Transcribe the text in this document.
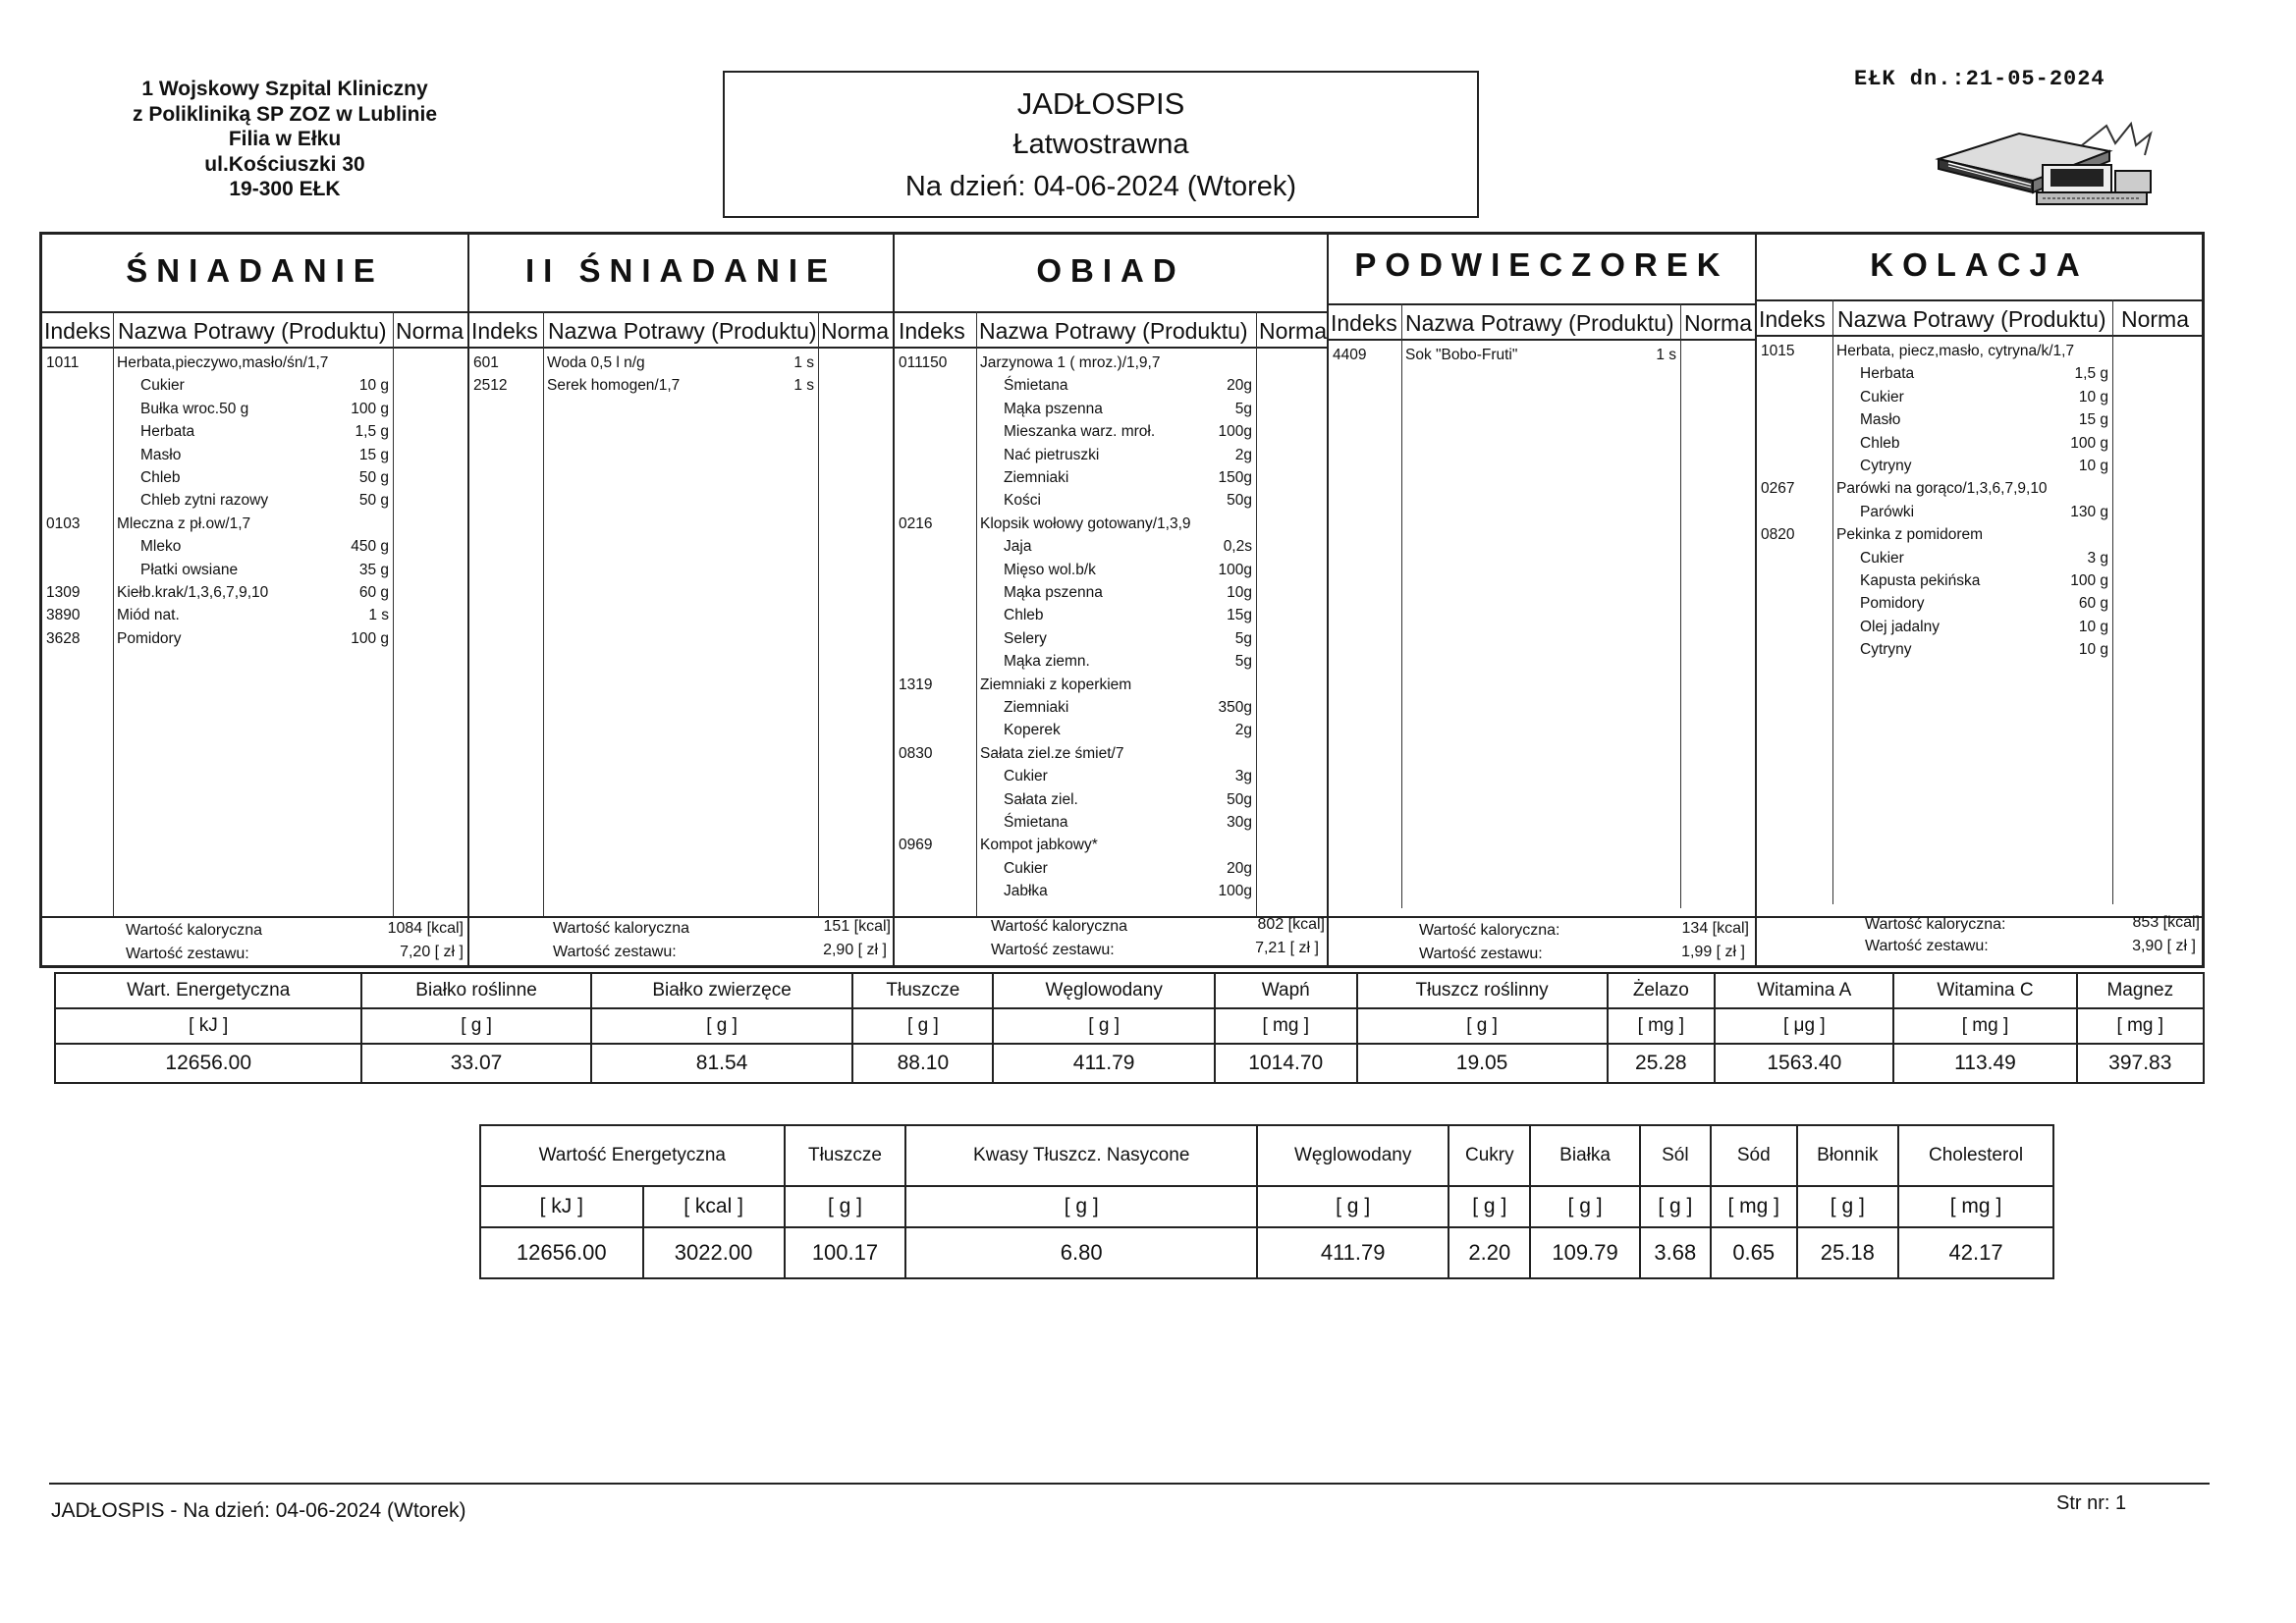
1 Wojskowy Szpital Kliniczny
z Polikliniką SP ZOZ w Lublinie
Filia w Ełku
ul.Kościuszki 30
19-300 EŁK
JADŁOSPIS
Łatwostrawna
Na dzień: 04-06-2024 (Wtorek)
EŁK dn.:21-05-2024
ŚNIADANIE
Indeks Nazwa Potrawy (Produktu) Norma
1011 Herbata,pieczywo,masło/śn/1,7
Cukier	10 g
Bułka wroc.50 g	100 g
Herbata	1,5 g
Masło	15 g
Chleb	50 g
Chleb zytni razowy	50 g
0103 Mleczna z pł.ow/1,7
Mleko	450 g
Płatki owsiane	35 g
1309 Kiełb.krak/1,3,6,7,9,10	60 g
3890 Miód nat.	1 s
3628 Pomidory	100 g
Wartość kaloryczna	1084 [kcal]
Wartość zestawu:	7,20 [ zł ]
II ŚNIADANIE
Indeks Nazwa Potrawy (Produktu) Norma
601	Woda 0,5 l n/g	1 s
2512	Serek homogen/1,7	1 s
Wartość kaloryczna	151 [kcal]
Wartość zestawu:	2,90 [ zł ]
OBIAD
Indeks Nazwa Potrawy (Produktu) Norma
011150 Jarzynowa 1 ( mroz.)/1,9,7
Śmietana	20g
Mąka pszenna	5g
Mieszanka warz. mroł.	100g
Nać pietruszki	2g
Ziemniaki	150g
Kości	50g
0216	Klopsik wołowy gotowany/1,3,9
Jaja	0,2s
Mięso wol.b/k	100g
Mąka pszenna	10g
Chleb	15g
Selery	5g
Mąka ziemn.	5g
1319	Ziemniaki z koperkiem
Ziemniaki	350g
Koperek	2g
0830	Sałata ziel.ze śmiet/7
Cukier	3g
Sałata ziel.	50g
Śmietana	30g
0969	Kompot jabkowy*
Cukier	20g
Jabłka	100g
Wartość kaloryczna	802 [kcal]
Wartość zestawu:	7,21 [ zł ]
PODWIECZOREK
Indeks Nazwa Potrawy (Produktu) Norma
4409	Sok "Bobo-Fruti"	1 s
Wartość kaloryczna:	134 [kcal]
Wartość zestawu:	1,99 [ zł ]
KOLACJA
Indeks Nazwa Potrawy (Produktu) Norma
1015	Herbata, piecz,masło, cytryna/k/1,7
Herbata	1,5 g
Cukier	10 g
Masło	15 g
Chleb	100 g
Cytryny	10 g
0267	Parówki na gorąco/1,3,6,7,9,10
Parówki	130 g
0820	Pekinka z pomidorem
Cukier	3 g
Kapusta pekińska	100 g
Pomidory	60 g
Olej jadalny	10 g
Cytryny	10 g
Wartość kaloryczna:	853 [kcal]
Wartość zestawu:	3,90 [ zł ]
Wart. Energetyczna	Białko roślinne	Białko zwierzęce	Tłuszcze	Węglowodany	Wapń	Tłuszcz roślinny	Żelazo	Witamina A	Witamina C	Magnez
[ kJ ]	[ g ]	[ g ]	[ g ]	[ g ]	[ mg ]	[ g ]	[ mg ]	[ μg ]	[ mg ]	[ mg ]
12656.00	33.07	81.54	88.10	411.79	1014.70	19.05	25.28	1563.40	113.49	397.83
Wartość Energetyczna		Tłuszcze	Kwasy Tłuszcz. Nasycone	Węglowodany	Cukry	Białka	Sól	Sód	Błonnik	Cholesterol
[ kJ ]	[ kcal ]	[ g ]	[ g ]	[ g ]	[ g ]	[ g ]	[ g ]	[ mg ]	[ g ]	[ mg ]
12656.00	3022.00	100.17	6.80	411.79	2.20	109.79	3.68	0.65	25.18	42.17
JADŁOSPIS - Na dzień: 04-06-2024 (Wtorek)	Str nr: 1
